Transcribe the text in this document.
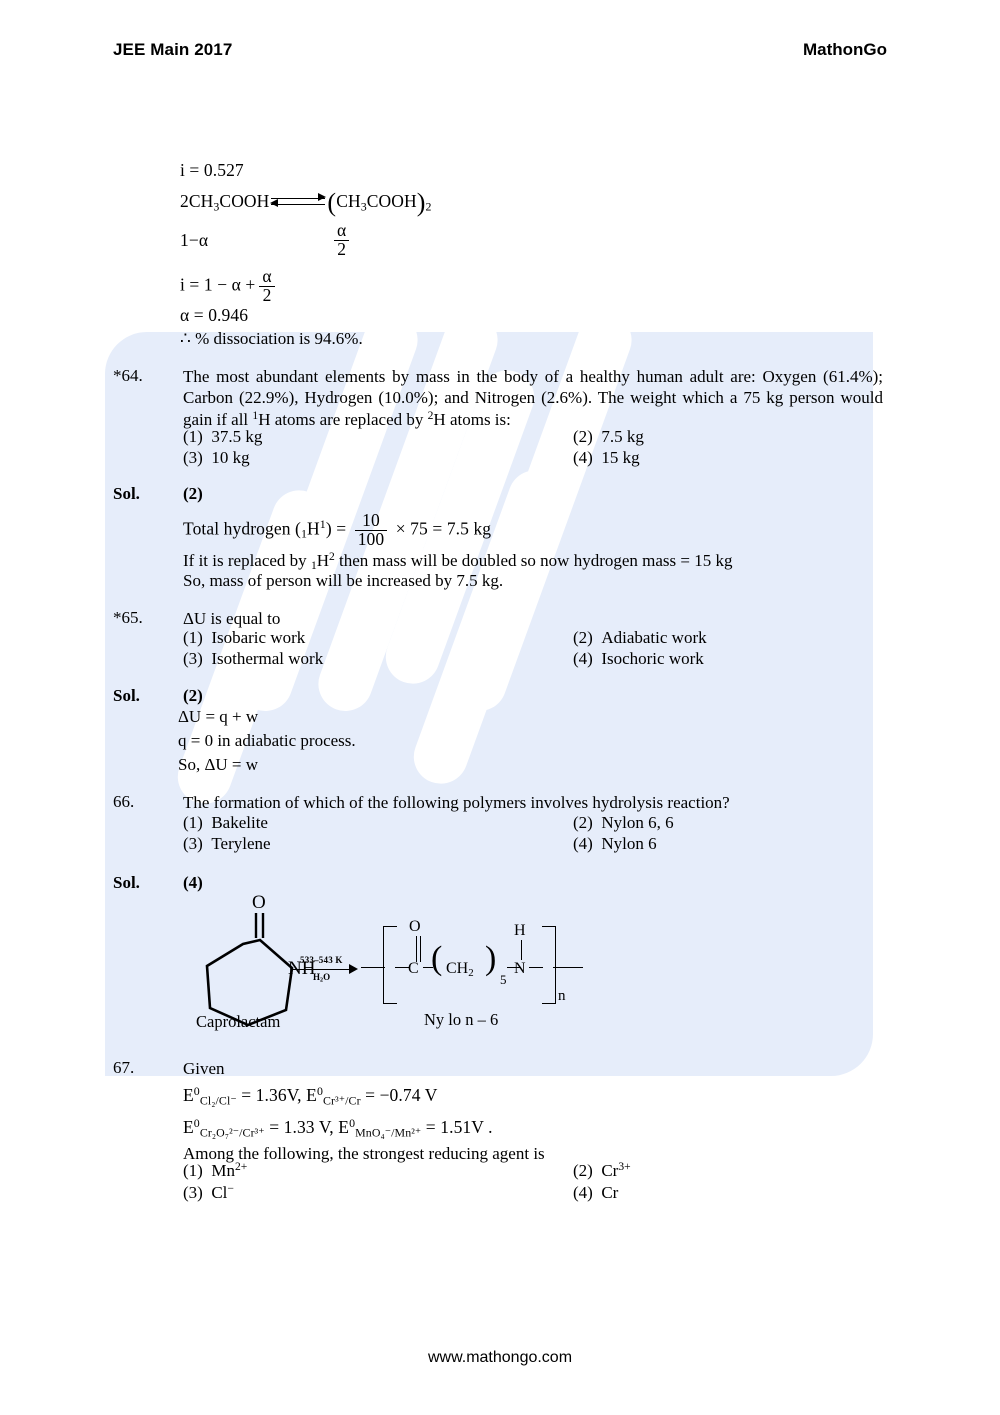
JEE Main 2017	MathonGo
i = 0.527
$2CH_3COOH$ $(CH_3COOH)_2$
1−α	$\frac{\alpha}{2}$
$i = 1 - \alpha + \frac{\alpha}{2}$
α = 0.946
∴ % dissociation is 94.6%.
*64.	The most abundant elements by mass in the body of a healthy human adult are: Oxygen (61.4%); Carbon (22.9%), Hydrogen (10.0%); and Nitrogen (2.6%). The weight which a 75 kg person would gain if all $^1$H atoms are replaced by $^2$H atoms is:
(1) 37.5 kg	(2) 7.5 kg
(3) 10 kg	(4) 15 kg
Sol.	(2)
Total hydrogen $(_1H^1) = \frac{10}{100} \times 75 = 7.5$ kg
If it is replaced by $_1H^2$ then mass will be doubled so now hydrogen mass = 15 kg
So, mass of person will be increased by 7.5 kg.
*65.	ΔU is equal to
(1) Isobaric work	(2) Adiabatic work
(3) Isothermal work	(4) Isochoric work
Sol.	(2)
ΔU = q + w
q = 0 in adiabatic process.
So, ΔU = w
66.	The formation of which of the following polymers involves hydrolysis reaction?
(1) Bakelite	(2) Nylon 6, 6
(3) Terylene	(4) Nylon 6
Sol.	(4)
O
NH
533–543 K
$H_2O$
O
C ( $CH_2$ )
5
H
N
n
Caprolactam	Ny lo n – 6
67.	Given
$E^0_{Cl_2/Cl^-} = 1.36V$, $E^0_{Cr^{3+}/Cr} = -0.74$ V
$E^0_{Cr_2O_7^{2-}/Cr^{3+}} = 1.33$ V, $E^0_{MnO_4^-/Mn^{2+}} = 1.51V$ .
Among the following, the strongest reducing agent is
(1) $Mn^{2+}$	(2) $Cr^{3+}$
(3) Cl−	(4) Cr
www.mathongo.com
